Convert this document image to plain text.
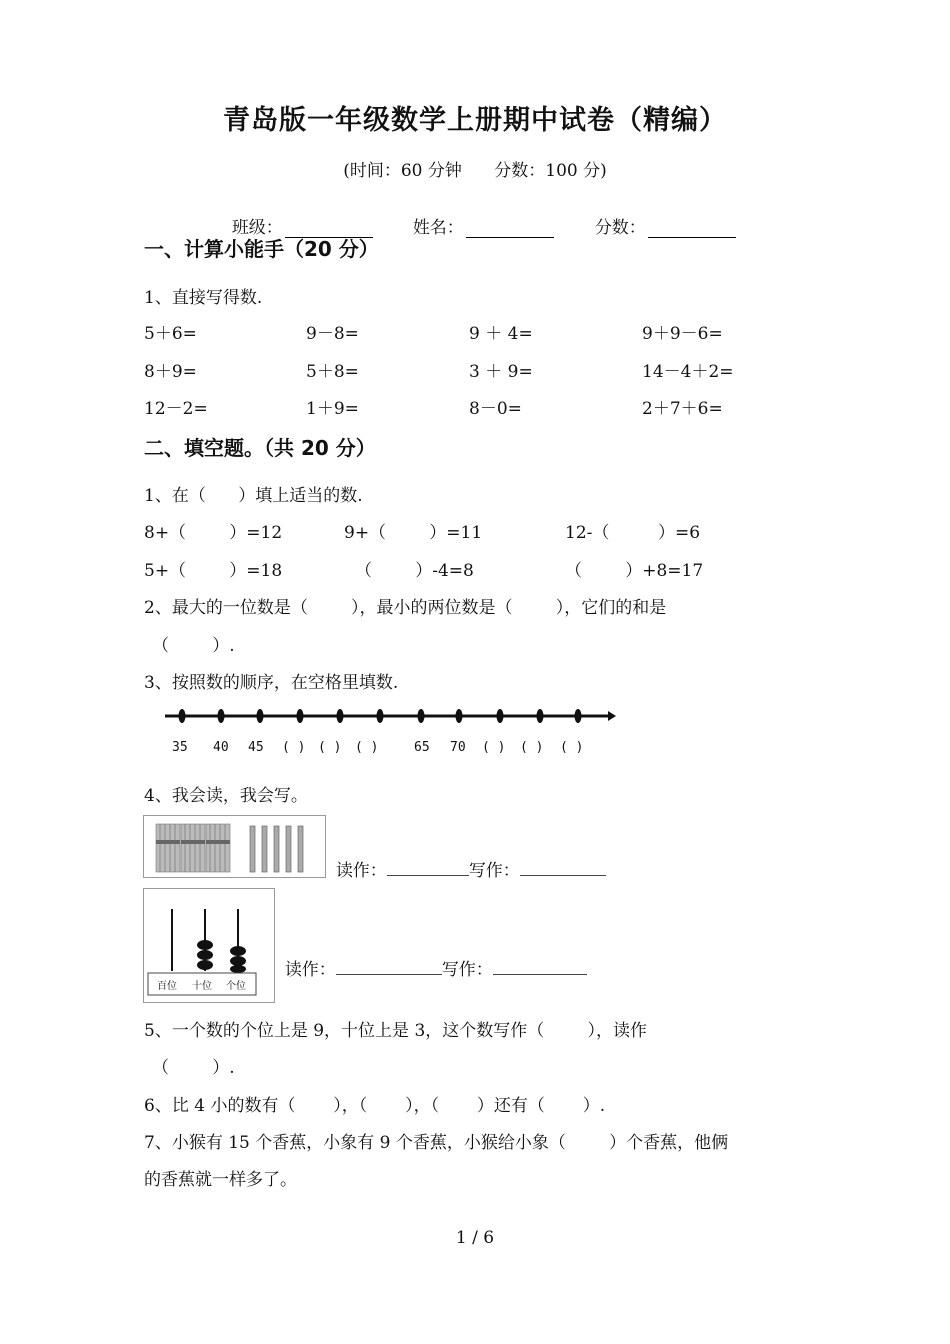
青岛版一年级数学上册期中试卷（精编）
(时间：60 分钟      分数：100 分)

班级：	姓名：	分数：

一、计算小能手（20 分）
1、直接写得数.
5＋6=	9－8=	9 ＋ 4=	9＋9－6=
8＋9=	5＋8=	3 ＋ 9=	14－4＋2=
12－2=	1＋9=	8－0=	2＋7＋6=
二、填空题。（共 20 分）
1、在（      ）填上适当的数.
8+（        ）=12	9+（        ）=11	12-（         ）=6
5+（        ）=18	（        ）-4=8	（        ）+8=17
2、最大的一位数是（        ），最小的两位数是（        ），它们的和是
（        ）.
3、按照数的顺序，在空格里填数.
35 40 45 ( ) ( ) ( )	65 70 ( ) ( ) ( )
4、我会读，我会写。

读作：	写作：

百位 十位 个位

读作：	写作：

5、一个数的个位上是 9，十位上是 3，这个数写作（        ），读作
（        ）.
6、比 4 小的数有（       ），（       ），（       ）还有（       ）.
7、小猴有 15 个香蕉，小象有 9 个香蕉，小猴给小象（        ）个香蕉，他俩
的香蕉就一样多了。
1 / 6
